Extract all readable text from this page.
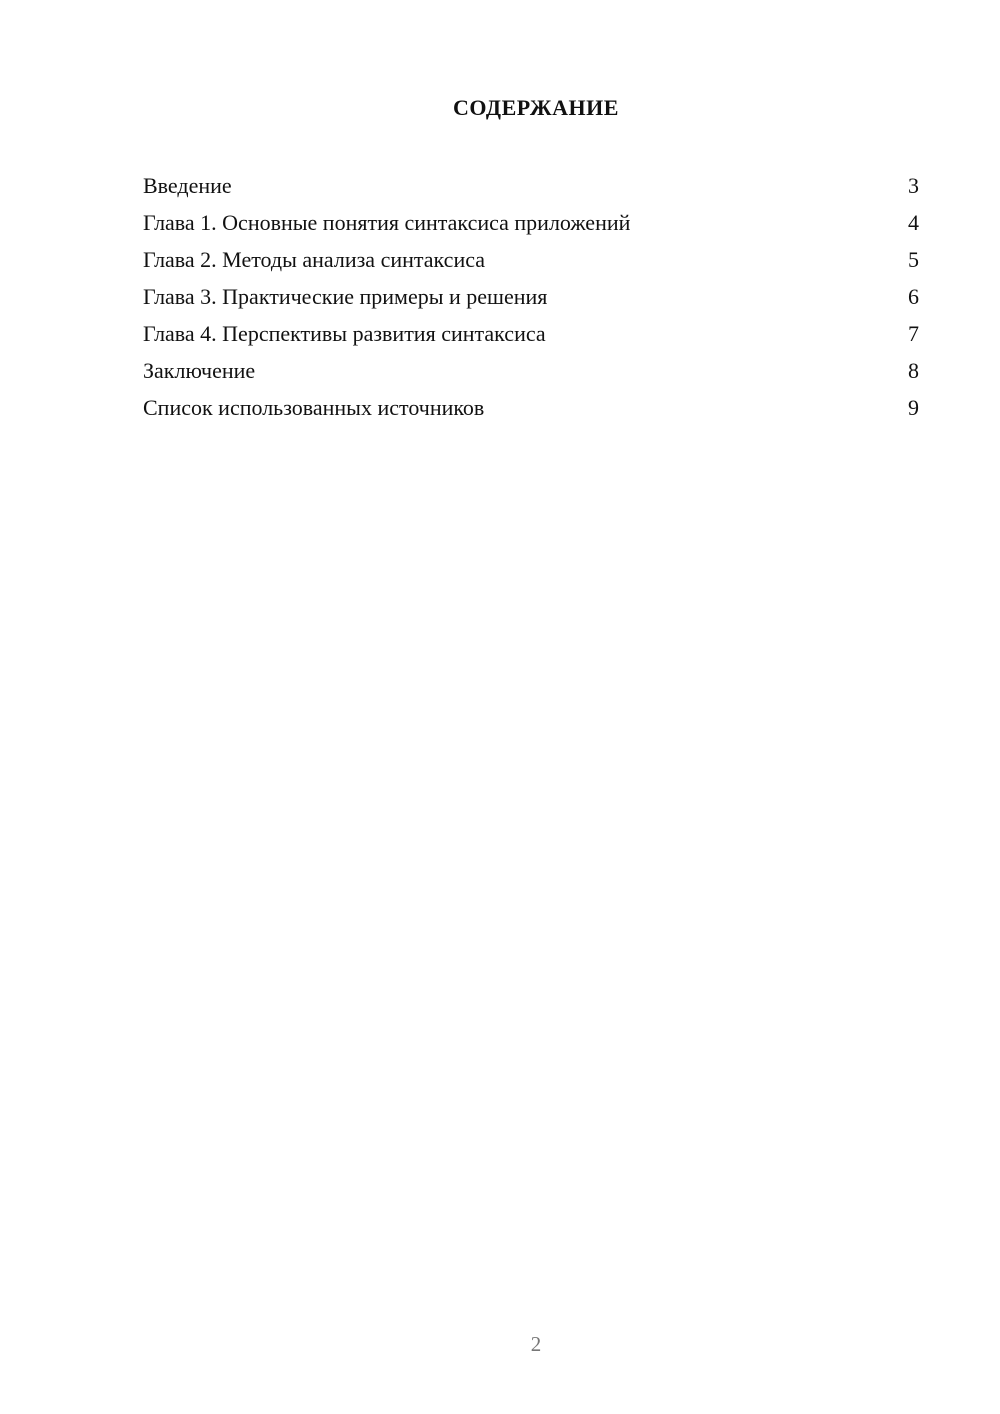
СОДЕРЖАНИЕ
Введение	3
Глава 1. Основные понятия синтаксиса приложений	4
Глава 2. Методы анализа синтаксиса	5
Глава 3. Практические примеры и решения	6
Глава 4. Перспективы развития синтаксиса	7
Заключение	8
Список использованных источников	9
2
